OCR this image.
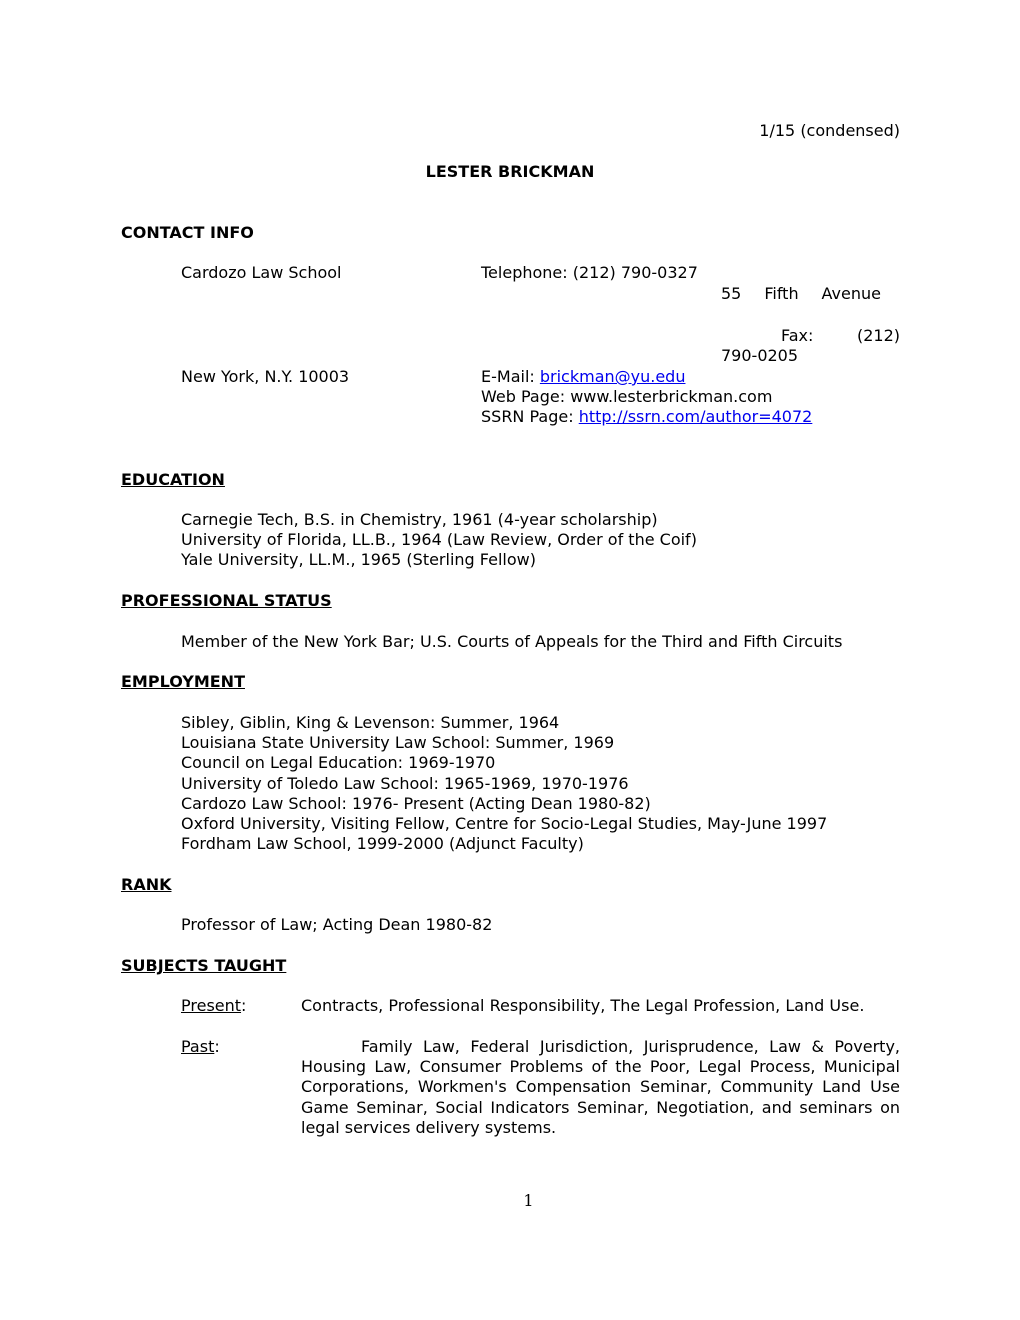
1/15 (condensed)
LESTER BRICKMAN
CONTACT INFO
Cardozo Law School	Telephone: (212) 790-0327
55 Fifth Avenue
Fax:	(212)
790-0205
New York, N.Y. 10003	E-Mail: brickman@yu.edu
Web Page: www.lesterbrickman.com
SSRN Page: http://ssrn.com/author=4072
EDUCATION
Carnegie Tech, B.S. in Chemistry, 1961 (4-year scholarship)
University of Florida, LL.B., 1964 (Law Review, Order of the Coif)
Yale University, LL.M., 1965 (Sterling Fellow)
PROFESSIONAL STATUS
Member of the New York Bar; U.S. Courts of Appeals for the Third and Fifth Circuits
EMPLOYMENT
Sibley, Giblin, King & Levenson: Summer, 1964
Louisiana State University Law School: Summer, 1969
Council on Legal Education: 1969-1970
University of Toledo Law School: 1965-1969, 1970-1976
Cardozo Law School: 1976- Present (Acting Dean 1980-82)
Oxford University, Visiting Fellow, Centre for Socio-Legal Studies, May-June 1997
Fordham Law School, 1999-2000 (Adjunct Faculty)
RANK
Professor of Law; Acting Dean 1980-82
SUBJECTS TAUGHT
Present:	Contracts, Professional Responsibility, The Legal Profession, Land Use.
Past:	Family Law, Federal Jurisdiction, Jurisprudence, Law & Poverty, Housing Law, Consumer Problems of the Poor, Legal Process, Municipal Corporations, Workmen's Compensation Seminar, Community Land Use Game Seminar, Social Indicators Seminar, Negotiation, and seminars on legal services delivery systems.
1
